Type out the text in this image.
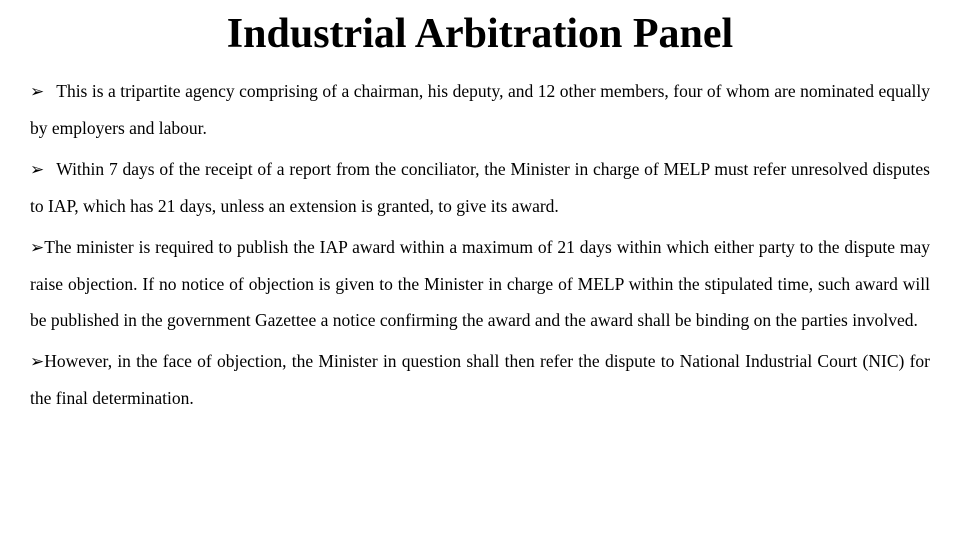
Industrial Arbitration Panel
➢ This is a tripartite agency comprising of a chairman, his deputy, and 12 other members, four of whom are nominated equally by employers and labour.
➢ Within 7 days of the receipt of a report from the conciliator, the Minister in charge of MELP must refer unresolved disputes to IAP, which has 21 days, unless an extension is granted, to give its award.
➢The minister is required to publish the IAP award within a maximum of 21 days within which either party to the dispute may raise objection. If no notice of objection is given to the Minister in charge of MELP within the stipulated time, such award will be published in the government Gazettee a notice confirming the award and the award shall be binding on the parties involved.
➢However, in the face of objection, the Minister in question shall then refer the dispute to National Industrial Court (NIC) for the final determination.
